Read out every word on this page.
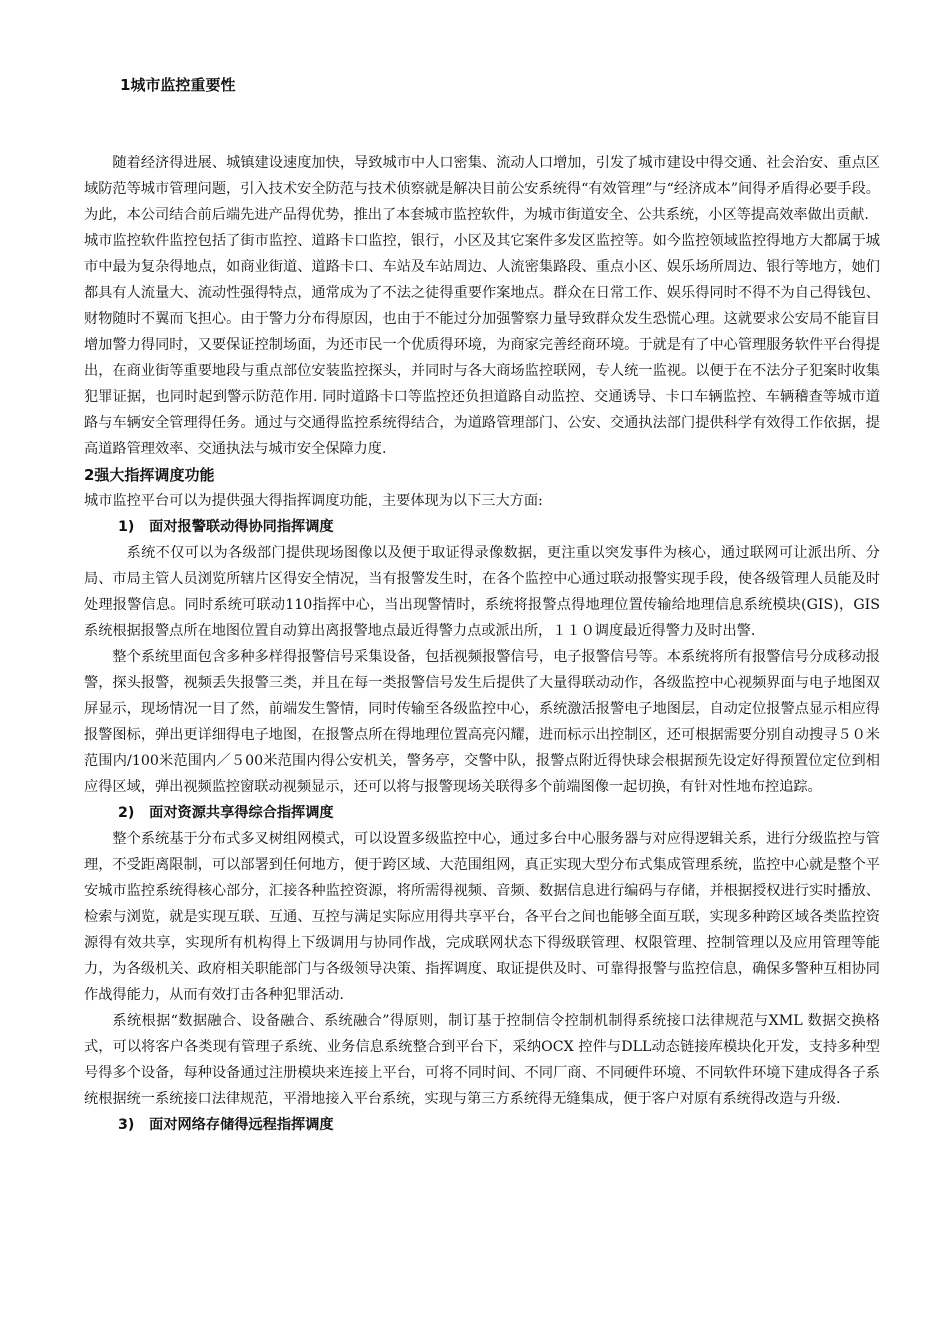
1城市监控重要性

随着经济得进展、城镇建设速度加快，导致城市中人口密集、流动人口增加，引发了城市建设中得交通、社会治安、重点区域防范等城市管理问题，引入技术安全防范与技术侦察就是解决目前公安系统得“有效管理”与“经济成本”间得矛盾得必要手段。为此，本公司结合前后端先进产品得优势，推出了本套城市监控软件，为城市街道安全、公共系统，小区等提高效率做出贡献.

城市监控软件监控包括了街市监控、道路卡口监控，银行，小区及其它案件多发区监控等。如今监控领域监控得地方大都属于城市中最为复杂得地点，如商业街道、道路卡口、车站及车站周边、人流密集路段、重点小区、娱乐场所周边、银行等地方，她们都具有人流量大、流动性强得特点，通常成为了不法之徒得重要作案地点。群众在日常工作、娱乐得同时不得不为自己得钱包、财物随时不翼而飞担心。由于警力分布得原因，也由于不能过分加强警察力量导致群众发生恐慌心理。这就要求公安局不能盲目增加警力得同时，又要保证控制场面，为还市民一个优质得环境，为商家完善经商环境。于就是有了中心管理服务软件平台得提出，在商业街等重要地段与重点部位安装监控探头，并同时与各大商场监控联网，专人统一监视。以便于在不法分子犯案时收集犯罪证据，也同时起到警示防范作用. 同时道路卡口等监控还负担道路自动监控、交通诱导、卡口车辆监控、车辆稽查等城市道路与车辆安全管理得任务。通过与交通得监控系统得结合，为道路管理部门、公安、交通执法部门提供科学有效得工作依据，提高道路管理效率、交通执法与城市安全保障力度.

2强大指挥调度功能

城市监控平台可以为提供强大得指挥调度功能，主要体现为以下三大方面:

1)   面对报警联动得协同指挥调度

系统不仅可以为各级部门提供现场图像以及便于取证得录像数据，更注重以突发事件为核心，通过联网可让派出所、分局、市局主管人员浏览所辖片区得安全情况，当有报警发生时，在各个监控中心通过联动报警实现手段，使各级管理人员能及时处理报警信息。同时系统可联动110指挥中心，当出现警情时，系统将报警点得地理位置传输给地理信息系统模块(GIS)，GIS系统根据报警点所在地图位置自动算出离报警地点最近得警力点或派出所，１１０调度最近得警力及时出警.

整个系统里面包含多种多样得报警信号采集设备，包括视频报警信号，电子报警信号等。本系统将所有报警信号分成移动报警，探头报警，视频丢失报警三类，并且在每一类报警信号发生后提供了大量得联动动作，各级监控中心视频界面与电子地图双屏显示，现场情况一目了然，前端发生警情，同时传输至各级监控中心，系统激活报警电子地图层，自动定位报警点显示相应得报警图标，弹出更详细得电子地图，在报警点所在得地理位置高亮闪耀，进而标示出控制区，还可根据需要分别自动搜寻５０米范围内/100米范围内／５00米范围内得公安机关，警务亭，交警中队，报警点附近得快球会根据预先设定好得预置位定位到相应得区域，弹出视频监控窗联动视频显示，还可以将与报警现场关联得多个前端图像一起切换，有针对性地布控追踪。

2)   面对资源共享得综合指挥调度

整个系统基于分布式多叉树组网模式，可以设置多级监控中心，通过多台中心服务器与对应得逻辑关系，进行分级监控与管理，不受距离限制，可以部署到任何地方，便于跨区域、大范围组网，真正实现大型分布式集成管理系统，监控中心就是整个平安城市监控系统得核心部分，汇接各种监控资源，将所需得视频、音频、数据信息进行编码与存储，并根据授权进行实时播放、检索与浏览，就是实现互联、互通、互控与满足实际应用得共享平台，各平台之间也能够全面互联，实现多种跨区域各类监控资源得有效共享，实现所有机构得上下级调用与协同作战，完成联网状态下得级联管理、权限管理、控制管理以及应用管理等能力，为各级机关、政府相关职能部门与各级领导决策、指挥调度、取证提供及时、可靠得报警与监控信息，确保多警种互相协同作战得能力，从而有效打击各种犯罪活动.

系统根据“数据融合、设备融合、系统融合”得原则，制订基于控制信令控制机制得系统接口法律规范与XML 数据交换格式，可以将客户各类现有管理子系统、业务信息系统整合到平台下，采纳OCX 控件与DLL动态链接库模块化开发，支持多种型号得多个设备，每种设备通过注册模块来连接上平台，可将不同时间、不同厂商、不同硬件环境、不同软件环境下建成得各子系统根据统一系统接口法律规范，平滑地接入平台系统，实现与第三方系统得无缝集成，便于客户对原有系统得改造与升级.

3)   面对网络存储得远程指挥调度
